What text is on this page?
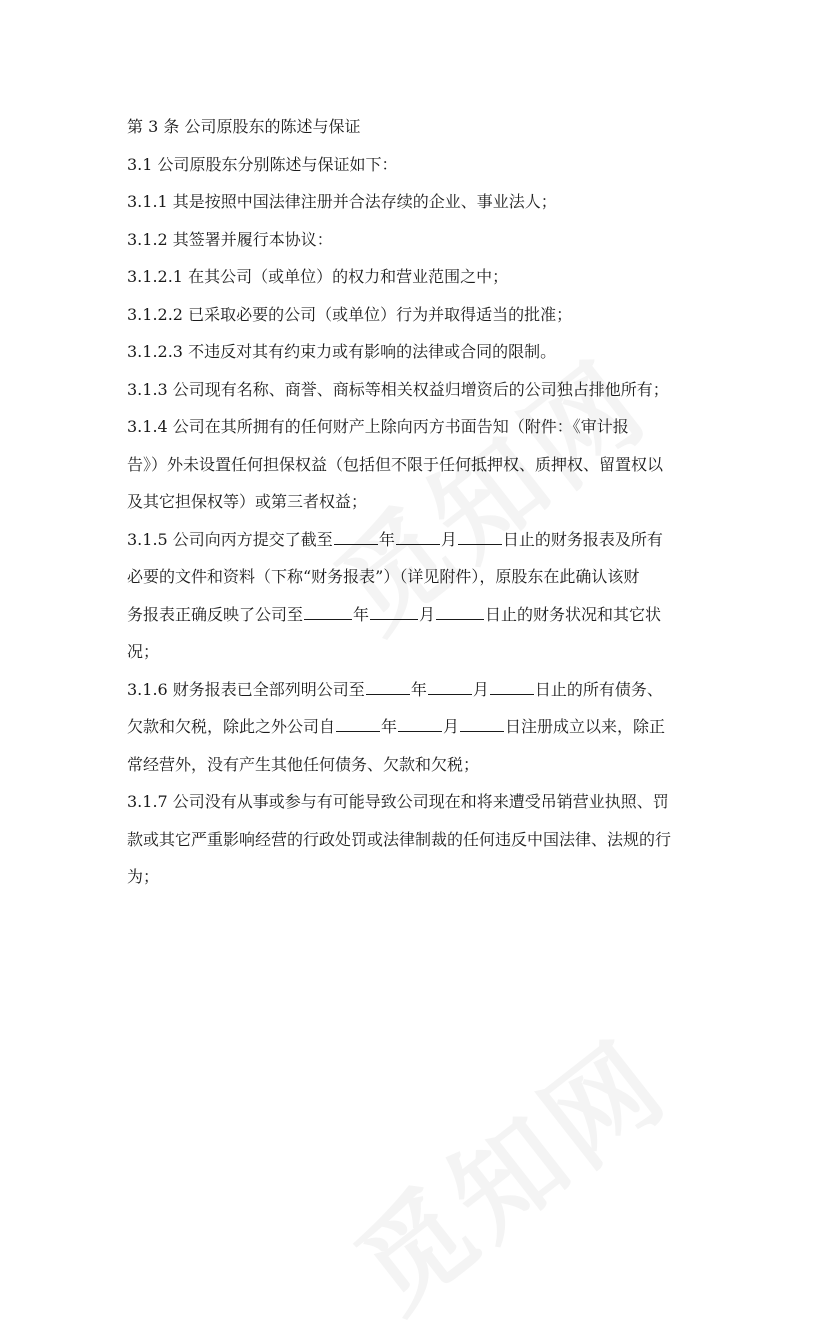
第 3 条 公司原股东的陈述与保证
3.1 公司原股东分别陈述与保证如下：
3.1.1 其是按照中国法律注册并合法存续的企业、事业法人；
3.1.2 其签署并履行本协议：
3.1.2.1 在其公司（或单位）的权力和营业范围之中；
3.1.2.2 已采取必要的公司（或单位）行为并取得适当的批准；
3.1.2.3 不违反对其有约束力或有影响的法律或合同的限制。
3.1.3 公司现有名称、商誉、商标等相关权益归增资后的公司独占排他所有；
3.1.4 公司在其所拥有的任何财产上除向丙方书面告知（附件：《审计报
告》）外未设置任何担保权益（包括但不限于任何抵押权、质押权、留置权以
及其它担保权等）或第三者权益；
3.1.5 公司向丙方提交了截至	年	月	日止的财务报表及所有
必要的文件和资料（下称“财务报表”）（详见附件），原股东在此确认该财
务报表正确反映了公司至	年	月	日止的财务状况和其它状
况；
3.1.6 财务报表已全部列明公司至	年	月	日止的所有债务、
欠款和欠税，除此之外公司自	年	月	日注册成立以来，除正
常经营外，没有产生其他任何债务、欠款和欠税；
3.1.7 公司没有从事或参与有可能导致公司现在和将来遭受吊销营业执照、罚
款或其它严重影响经营的行政处罚或法律制裁的任何违反中国法律、法规的行
为；
